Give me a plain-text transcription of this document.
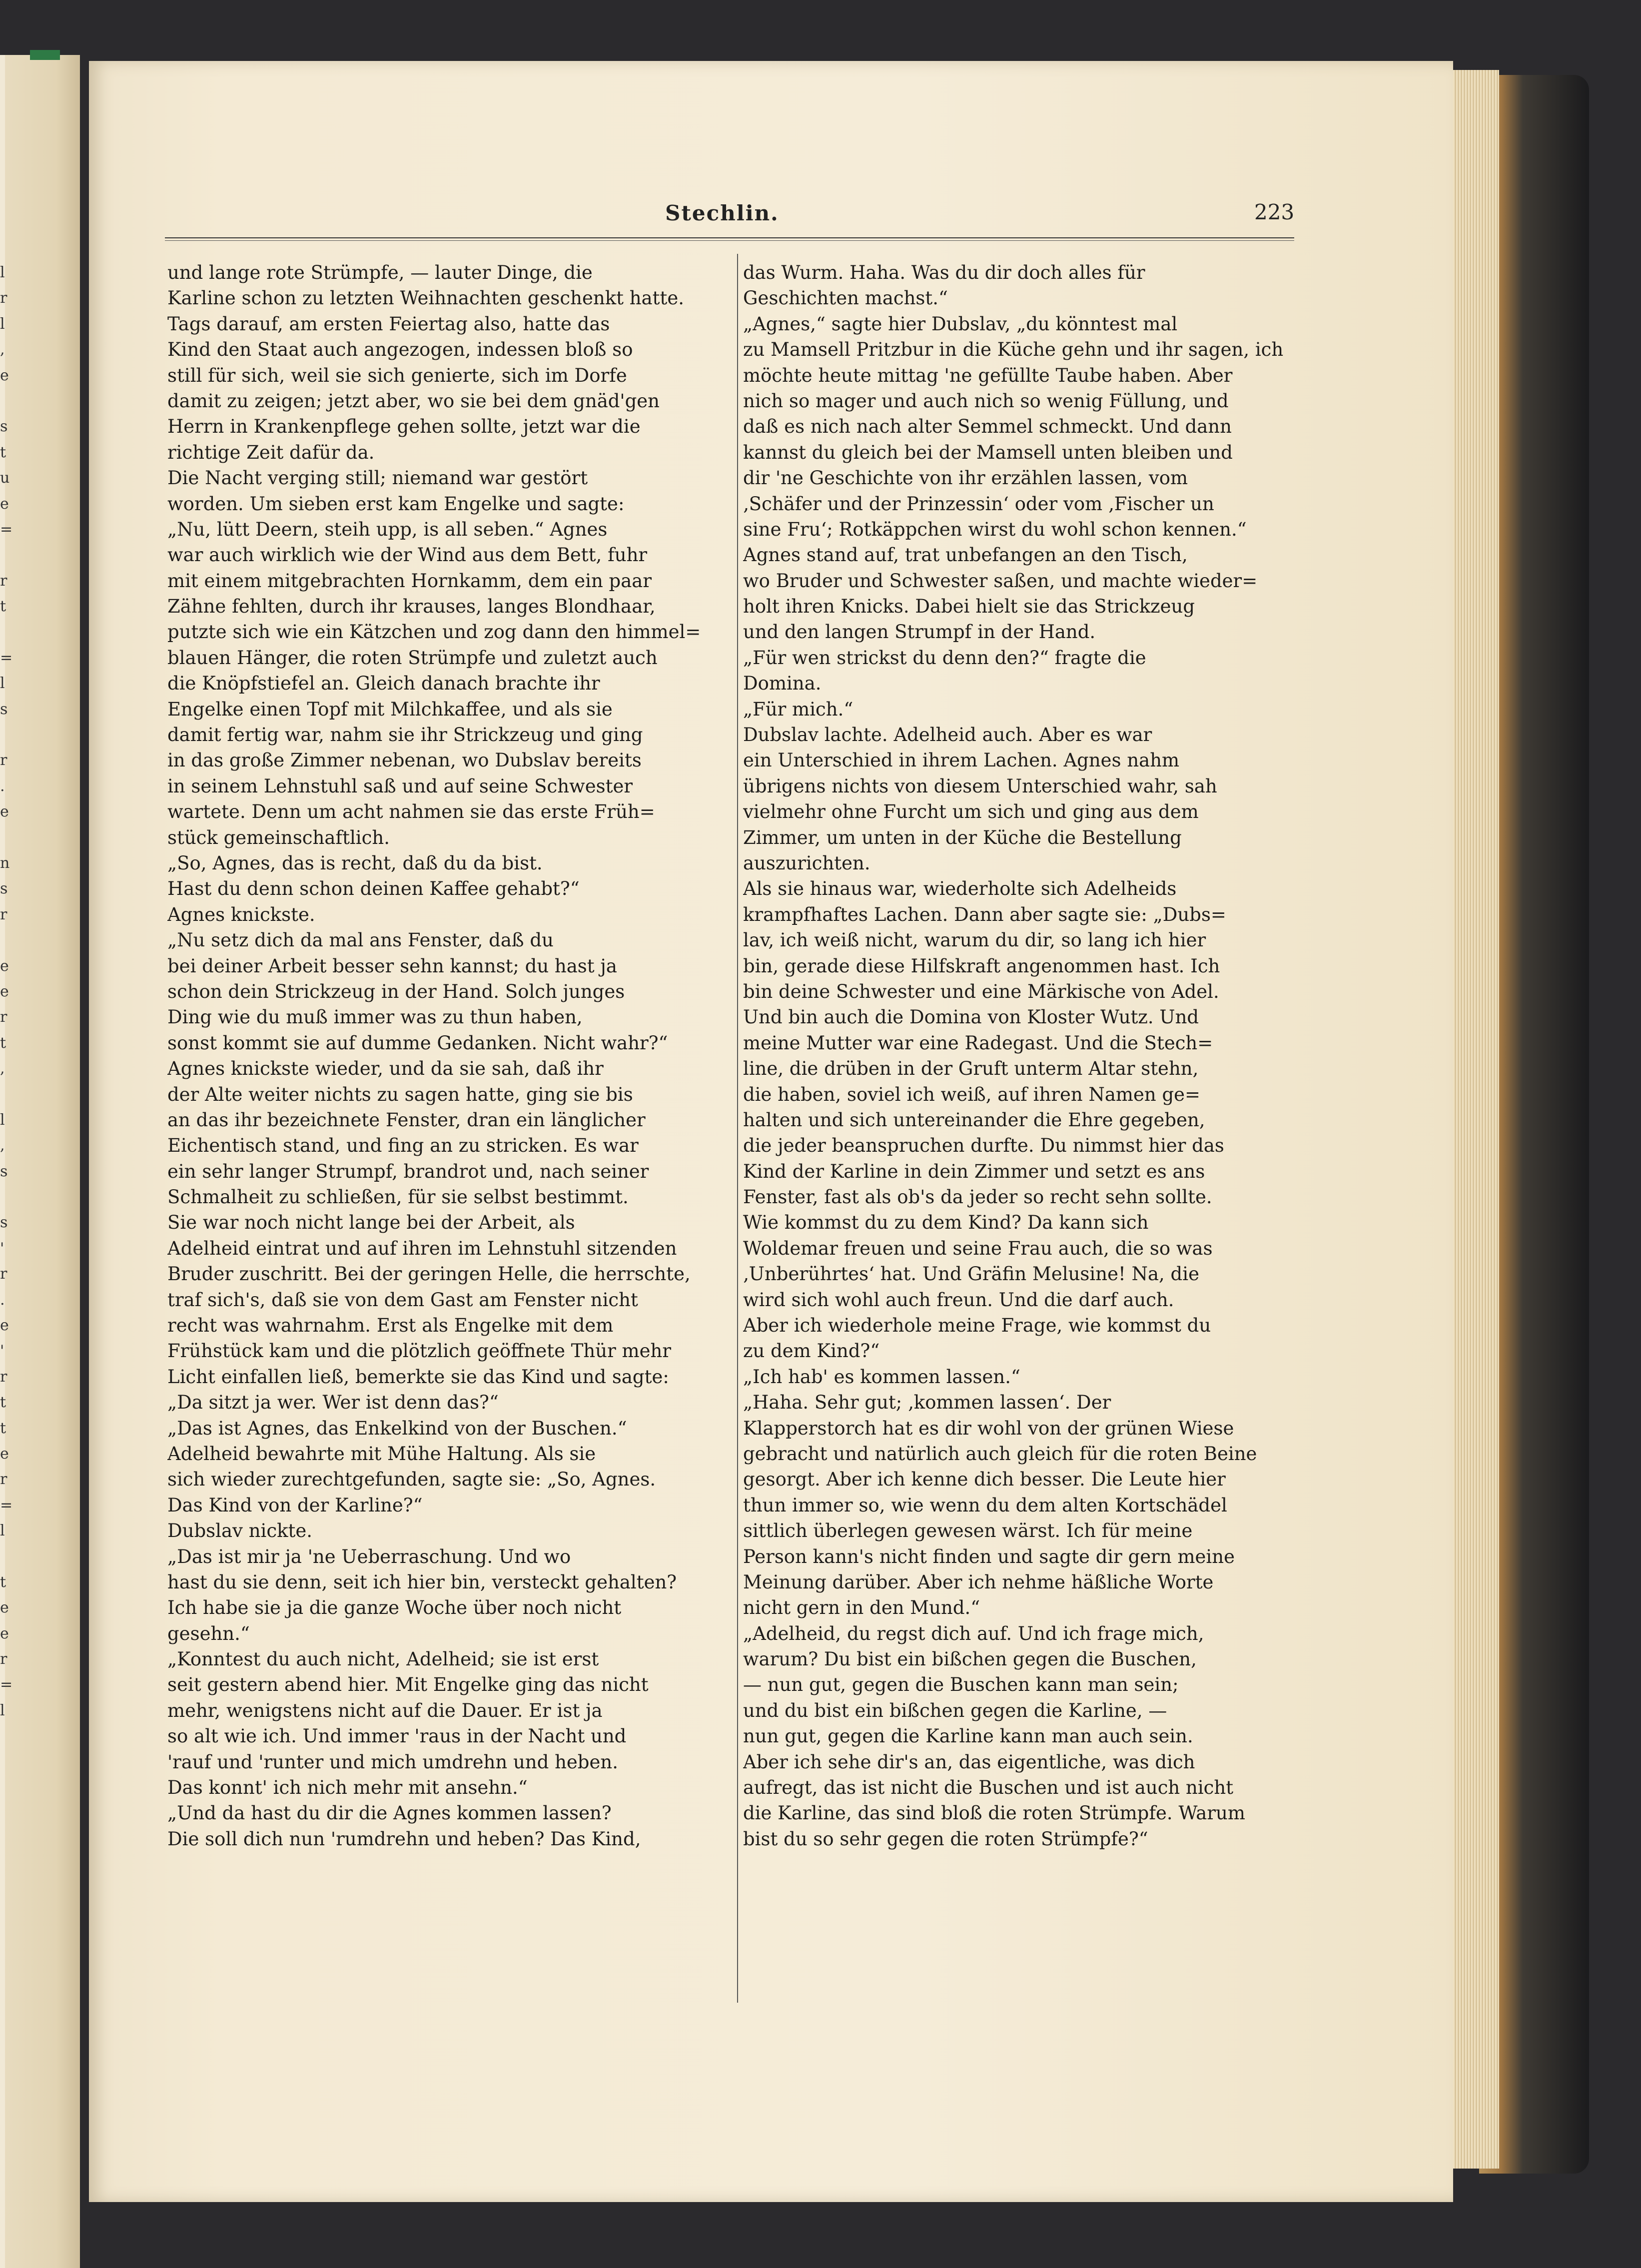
l
r
l
,
e
s
t
u
e
=
r
t
=
l
s
r
.
e
n
s
r
e
e
r
t
,
l
,
s
s
'
r
.
e
'
r
t
t
e
r
=
l
t
e
e
r
=
l
Stechlin.	223
und lange rote Strümpfe, — lauter Dinge, die
Karline schon zu letzten Weihnachten geschenkt hatte.
Tags darauf, am ersten Feiertag also, hatte das
Kind den Staat auch angezogen, indessen bloß so
still für sich, weil sie sich genierte, sich im Dorfe
damit zu zeigen; jetzt aber, wo sie bei dem gnäd'gen
Herrn in Krankenpflege gehen sollte, jetzt war die
richtige Zeit dafür da.
Die Nacht verging still; niemand war gestört
worden. Um sieben erst kam Engelke und sagte:
„Nu, lütt Deern, steih upp, is all seben.“ Agnes
war auch wirklich wie der Wind aus dem Bett, fuhr
mit einem mitgebrachten Hornkamm, dem ein paar
Zähne fehlten, durch ihr krauses, langes Blondhaar,
putzte sich wie ein Kätzchen und zog dann den himmel=
blauen Hänger, die roten Strümpfe und zuletzt auch
die Knöpfstiefel an. Gleich danach brachte ihr
Engelke einen Topf mit Milchkaffee, und als sie
damit fertig war, nahm sie ihr Strickzeug und ging
in das große Zimmer nebenan, wo Dubslav bereits
in seinem Lehnstuhl saß und auf seine Schwester
wartete. Denn um acht nahmen sie das erste Früh=
stück gemeinschaftlich.
„So, Agnes, das is recht, daß du da bist.
Hast du denn schon deinen Kaffee gehabt?“
Agnes knickste.
„Nu setz dich da mal ans Fenster, daß du
bei deiner Arbeit besser sehn kannst; du hast ja
schon dein Strickzeug in der Hand. Solch junges
Ding wie du muß immer was zu thun haben,
sonst kommt sie auf dumme Gedanken. Nicht wahr?“
Agnes knickste wieder, und da sie sah, daß ihr
der Alte weiter nichts zu sagen hatte, ging sie bis
an das ihr bezeichnete Fenster, dran ein länglicher
Eichentisch stand, und fing an zu stricken. Es war
ein sehr langer Strumpf, brandrot und, nach seiner
Schmalheit zu schließen, für sie selbst bestimmt.
Sie war noch nicht lange bei der Arbeit, als
Adelheid eintrat und auf ihren im Lehnstuhl sitzenden
Bruder zuschritt. Bei der geringen Helle, die herrschte,
traf sich's, daß sie von dem Gast am Fenster nicht
recht was wahrnahm. Erst als Engelke mit dem
Frühstück kam und die plötzlich geöffnete Thür mehr
Licht einfallen ließ, bemerkte sie das Kind und sagte:
„Da sitzt ja wer. Wer ist denn das?“
„Das ist Agnes, das Enkelkind von der Buschen.“
Adelheid bewahrte mit Mühe Haltung. Als sie
sich wieder zurechtgefunden, sagte sie: „So, Agnes.
Das Kind von der Karline?“
Dubslav nickte.
„Das ist mir ja 'ne Ueberraschung. Und wo
hast du sie denn, seit ich hier bin, versteckt gehalten?
Ich habe sie ja die ganze Woche über noch nicht
gesehn.“
„Konntest du auch nicht, Adelheid; sie ist erst
seit gestern abend hier. Mit Engelke ging das nicht
mehr, wenigstens nicht auf die Dauer. Er ist ja
so alt wie ich. Und immer 'raus in der Nacht und
'rauf und 'runter und mich umdrehn und heben.
Das konnt' ich nich mehr mit ansehn.“
„Und da hast du dir die Agnes kommen lassen?
Die soll dich nun 'rumdrehn und heben? Das Kind,
das Wurm. Haha. Was du dir doch alles für
Geschichten machst.“
„Agnes,“ sagte hier Dubslav, „du könntest mal
zu Mamsell Pritzbur in die Küche gehn und ihr sagen, ich
möchte heute mittag 'ne gefüllte Taube haben. Aber
nich so mager und auch nich so wenig Füllung, und
daß es nich nach alter Semmel schmeckt. Und dann
kannst du gleich bei der Mamsell unten bleiben und
dir 'ne Geschichte von ihr erzählen lassen, vom
‚Schäfer und der Prinzessin‘ oder vom ‚Fischer un
sine Fru‘; Rotkäppchen wirst du wohl schon kennen.“
Agnes stand auf, trat unbefangen an den Tisch,
wo Bruder und Schwester saßen, und machte wieder=
holt ihren Knicks. Dabei hielt sie das Strickzeug
und den langen Strumpf in der Hand.
„Für wen strickst du denn den?“ fragte die
Domina.
„Für mich.“
Dubslav lachte. Adelheid auch. Aber es war
ein Unterschied in ihrem Lachen. Agnes nahm
übrigens nichts von diesem Unterschied wahr, sah
vielmehr ohne Furcht um sich und ging aus dem
Zimmer, um unten in der Küche die Bestellung
auszurichten.
Als sie hinaus war, wiederholte sich Adelheids
krampfhaftes Lachen. Dann aber sagte sie: „Dubs=
lav, ich weiß nicht, warum du dir, so lang ich hier
bin, gerade diese Hilfskraft angenommen hast. Ich
bin deine Schwester und eine Märkische von Adel.
Und bin auch die Domina von Kloster Wutz. Und
meine Mutter war eine Radegast. Und die Stech=
line, die drüben in der Gruft unterm Altar stehn,
die haben, soviel ich weiß, auf ihren Namen ge=
halten und sich untereinander die Ehre gegeben,
die jeder beanspruchen durfte. Du nimmst hier das
Kind der Karline in dein Zimmer und setzt es ans
Fenster, fast als ob's da jeder so recht sehn sollte.
Wie kommst du zu dem Kind? Da kann sich
Woldemar freuen und seine Frau auch, die so was
‚Unberührtes‘ hat. Und Gräfin Melusine! Na, die
wird sich wohl auch freun. Und die darf auch.
Aber ich wiederhole meine Frage, wie kommst du
zu dem Kind?“
„Ich hab' es kommen lassen.“
„Haha. Sehr gut; ‚kommen lassen‘. Der
Klapperstorch hat es dir wohl von der grünen Wiese
gebracht und natürlich auch gleich für die roten Beine
gesorgt. Aber ich kenne dich besser. Die Leute hier
thun immer so, wie wenn du dem alten Kortschädel
sittlich überlegen gewesen wärst. Ich für meine
Person kann's nicht finden und sagte dir gern meine
Meinung darüber. Aber ich nehme häßliche Worte
nicht gern in den Mund.“
„Adelheid, du regst dich auf. Und ich frage mich,
warum? Du bist ein bißchen gegen die Buschen,
— nun gut, gegen die Buschen kann man sein;
und du bist ein bißchen gegen die Karline, —
nun gut, gegen die Karline kann man auch sein.
Aber ich sehe dir's an, das eigentliche, was dich
aufregt, das ist nicht die Buschen und ist auch nicht
die Karline, das sind bloß die roten Strümpfe. Warum
bist du so sehr gegen die roten Strümpfe?“
